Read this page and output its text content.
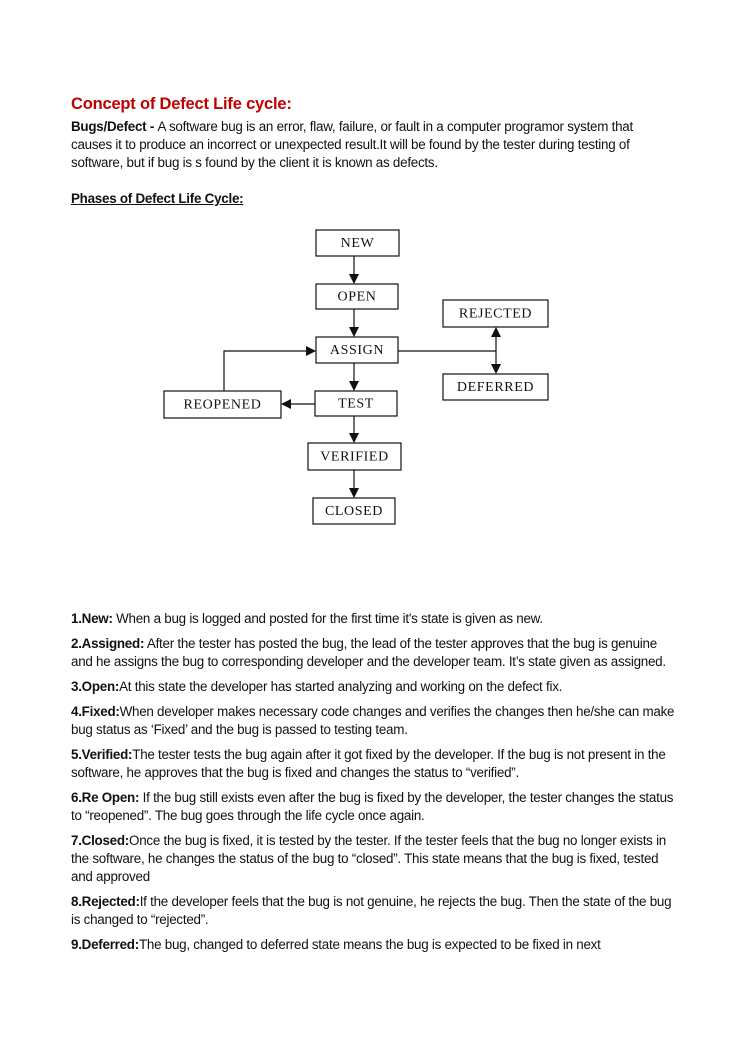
Concept of Defect Life cycle:
Bugs/Defect - A software bug is an error, flaw, failure, or fault in a computer programor system that causes it to produce an incorrect or unexpected result.It will be found by the tester during testing of software, but if bug is s found by the client it is known as defects.
Phases of Defect Life Cycle:
NEW
OPEN
ASSIGN
TEST
VERIFIED
CLOSED
REOPENED
REJECTED
DEFERRED
1.New: When a bug is logged and posted for the first time it's state is given as new.
2.Assigned: After the tester has posted the bug, the lead of the tester approves that the bug is genuine and he assigns the bug to corresponding developer and the developer team. It’s state given as assigned.
3.Open:At this state the developer has started analyzing and working on the defect fix.
4.Fixed:When developer makes necessary code changes and verifies the changes then he/she can make bug status as ‘Fixed’ and the bug is passed to testing team.
5.Verified:The tester tests the bug again after it got fixed by the developer. If the bug is not present in the software, he approves that the bug is fixed and changes the status to “verified”.
6.Re Open: If the bug still exists even after the bug is fixed by the developer, the tester changes the status to “reopened”. The bug goes through the life cycle once again.
7.Closed:Once the bug is fixed, it is tested by the tester. If the tester feels that the bug no longer exists in the software, he changes the status of the bug to “closed”. This state means that the bug is fixed, tested and approved
8.Rejected:If the developer feels that the bug is not genuine, he rejects the bug. Then the state of the bug is changed to “rejected”.
9.Deferred:The bug, changed to deferred state means the bug is expected to be fixed in next
